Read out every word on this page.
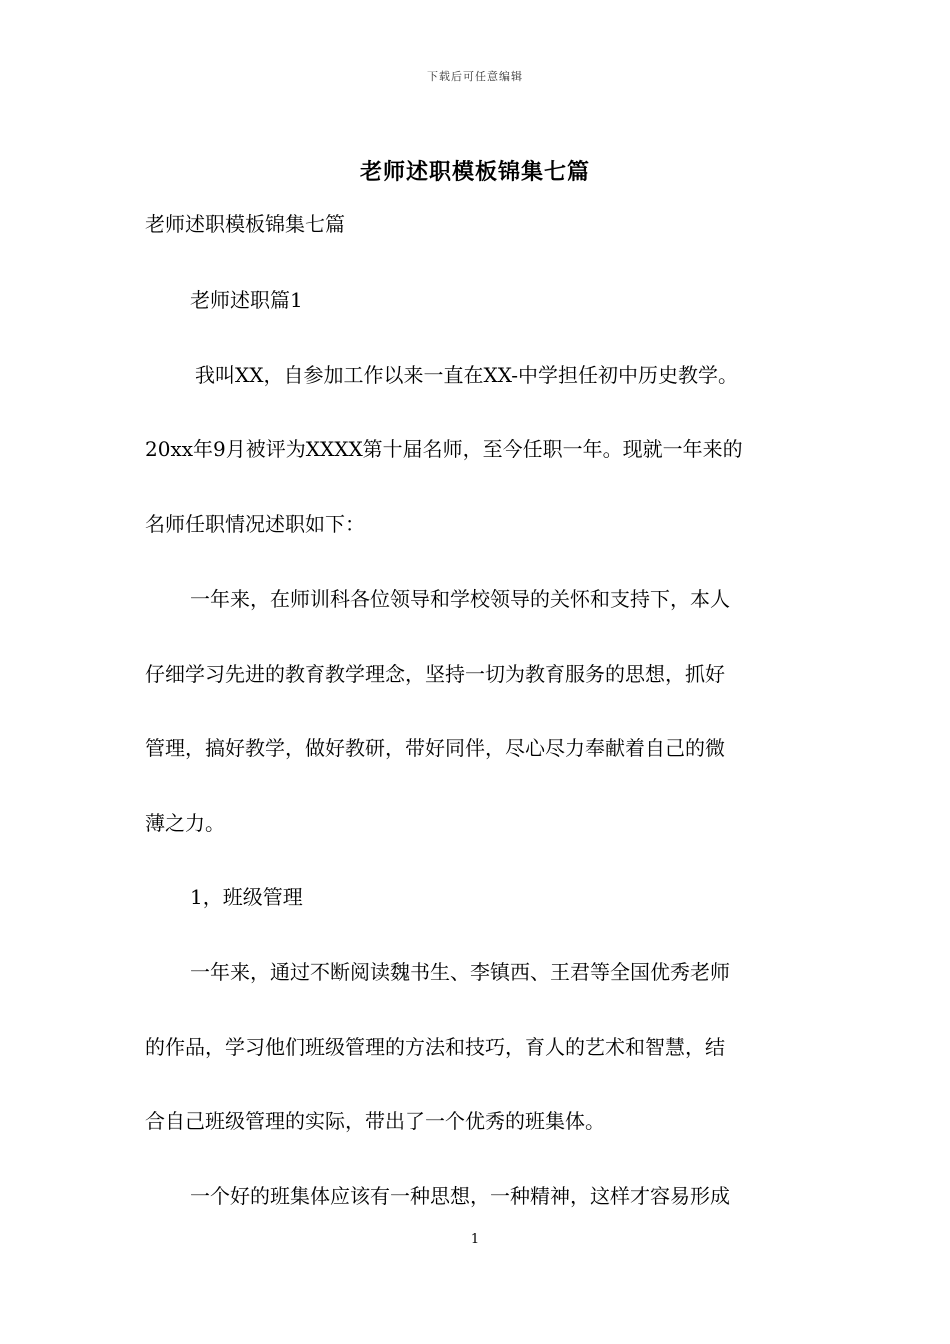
下载后可任意编辑
老师述职模板锦集七篇
老师述职模板锦集七篇
老师述职篇1
我叫XX，自参加工作以来一直在XX-中学担任初中历史教学。
20xx年9月被评为XXXX第十届名师，至今任职一年。现就一年来的
名师任职情况述职如下：
一年来，在师训科各位领导和学校领导的关怀和支持下，本人
仔细学习先进的教育教学理念，坚持一切为教育服务的思想，抓好
管理，搞好教学，做好教研，带好同伴，尽心尽力奉献着自己的微
薄之力。
1，班级管理
一年来，通过不断阅读魏书生、李镇西、王君等全国优秀老师
的作品，学习他们班级管理的方法和技巧，育人的艺术和智慧，结
合自己班级管理的实际，带出了一个优秀的班集体。
一个好的班集体应该有一种思想，一种精神，这样才容易形成
1
